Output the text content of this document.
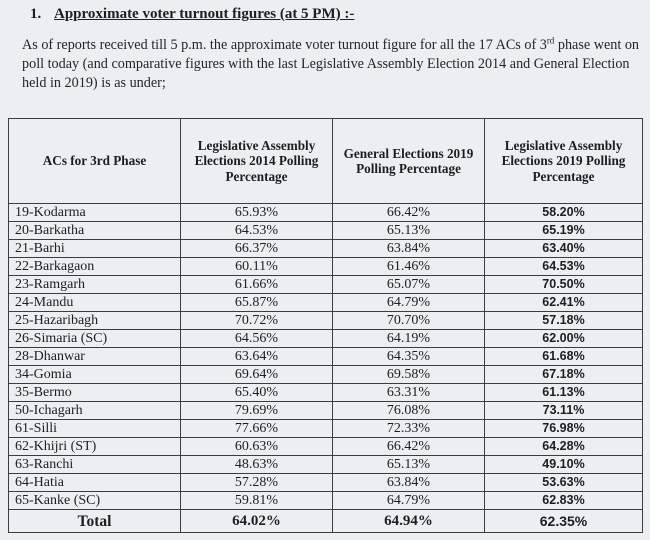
1. Approximate voter turnout figures (at 5 PM) :-
As of reports received till 5 p.m. the approximate voter turnout figure for all the 17 ACs of 3rd phase went on poll today (and comparative figures with the last Legislative Assembly Election 2014 and General Election held in 2019) is as under;
ACs for 3rd Phase	Legislative Assembly Elections 2014 Polling Percentage	General Elections 2019 Polling Percentage	Legislative Assembly Elections 2019 Polling Percentage
19-Kodarma	65.93%	66.42%	58.20%
20-Barkatha	64.53%	65.13%	65.19%
21-Barhi	66.37%	63.84%	63.40%
22-Barkagaon	60.11%	61.46%	64.53%
23-Ramgarh	61.66%	65.07%	70.50%
24-Mandu	65.87%	64.79%	62.41%
25-Hazaribagh	70.72%	70.70%	57.18%
26-Simaria (SC)	64.56%	64.19%	62.00%
28-Dhanwar	63.64%	64.35%	61.68%
34-Gomia	69.64%	69.58%	67.18%
35-Bermo	65.40%	63.31%	61.13%
50-Ichagarh	79.69%	76.08%	73.11%
61-Silli	77.66%	72.33%	76.98%
62-Khijri (ST)	60.63%	66.42%	64.28%
63-Ranchi	48.63%	65.13%	49.10%
64-Hatia	57.28%	63.84%	53.63%
65-Kanke (SC)	59.81%	64.79%	62.83%
Total	64.02%	64.94%	62.35%
